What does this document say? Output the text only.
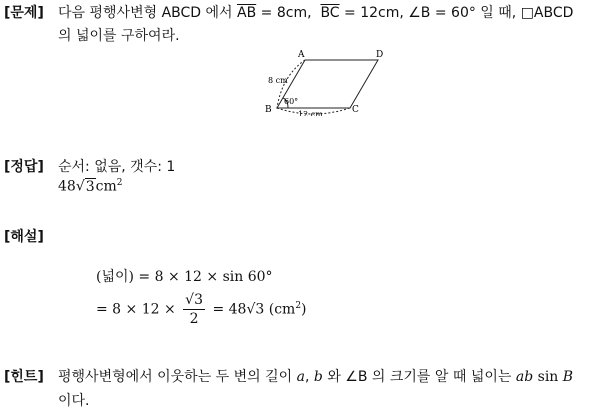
[문제] 다음 평행사변형 ABCD 에서 $\overline{AB} = 8cm$,  $\overline{BC} = 12cm$, ∠B = 60° 일 때, □ABCD
의 넓이를 구하여라.
A	D
B	C
8 cm
60°
12 cm
[정답] 순서: 없음, 갯수: 1
$48√3cm^2$
[해설]
(넓이) = 8 × 12 × sin 60°
= $8 \times 12 \times \frac{√3}{2} = 48√3$ $(cm^2)$
[힌트] 평행사변형에서 이웃하는 두 변의 길이 a, b 와 ∠B 의 크기를 알 때 넓이는 ab sin B
이다.
